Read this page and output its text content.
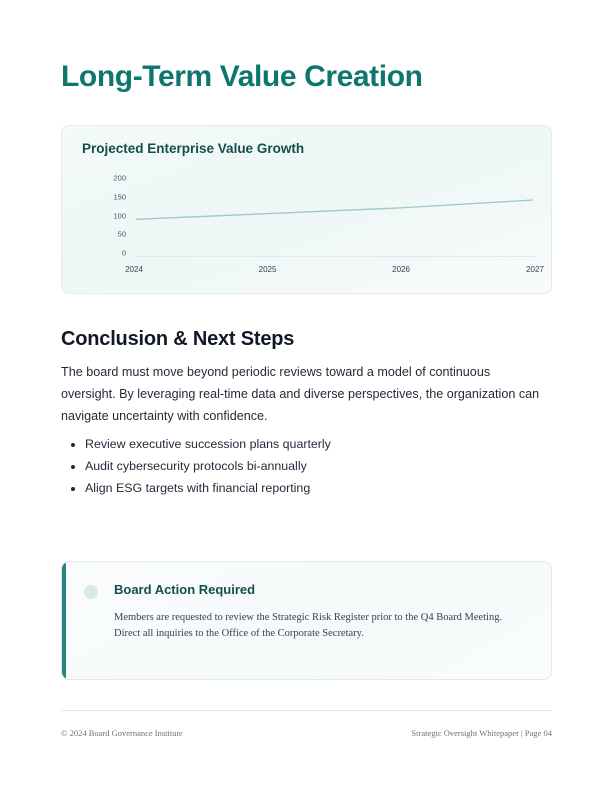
Long-Term Value Creation
Projected Enterprise Value Growth
200
150
100
50
0
2024	2025	2026	2027
Conclusion & Next Steps

The board must move beyond periodic reviews toward a model of continuous oversight. By leveraging real-time data and diverse perspectives, the organization can navigate uncertainty with confidence.

• Review executive succession plans quarterly
• Audit cybersecurity protocols bi-annually
• Align ESG targets with financial reporting
Board Action Required
Members are requested to review the Strategic Risk Register prior to the Q4 Board Meeting. Direct all inquiries to the Office of the Corporate Secretary.
© 2024 Board Governance Institute	Strategic Oversight Whitepaper | Page 04
